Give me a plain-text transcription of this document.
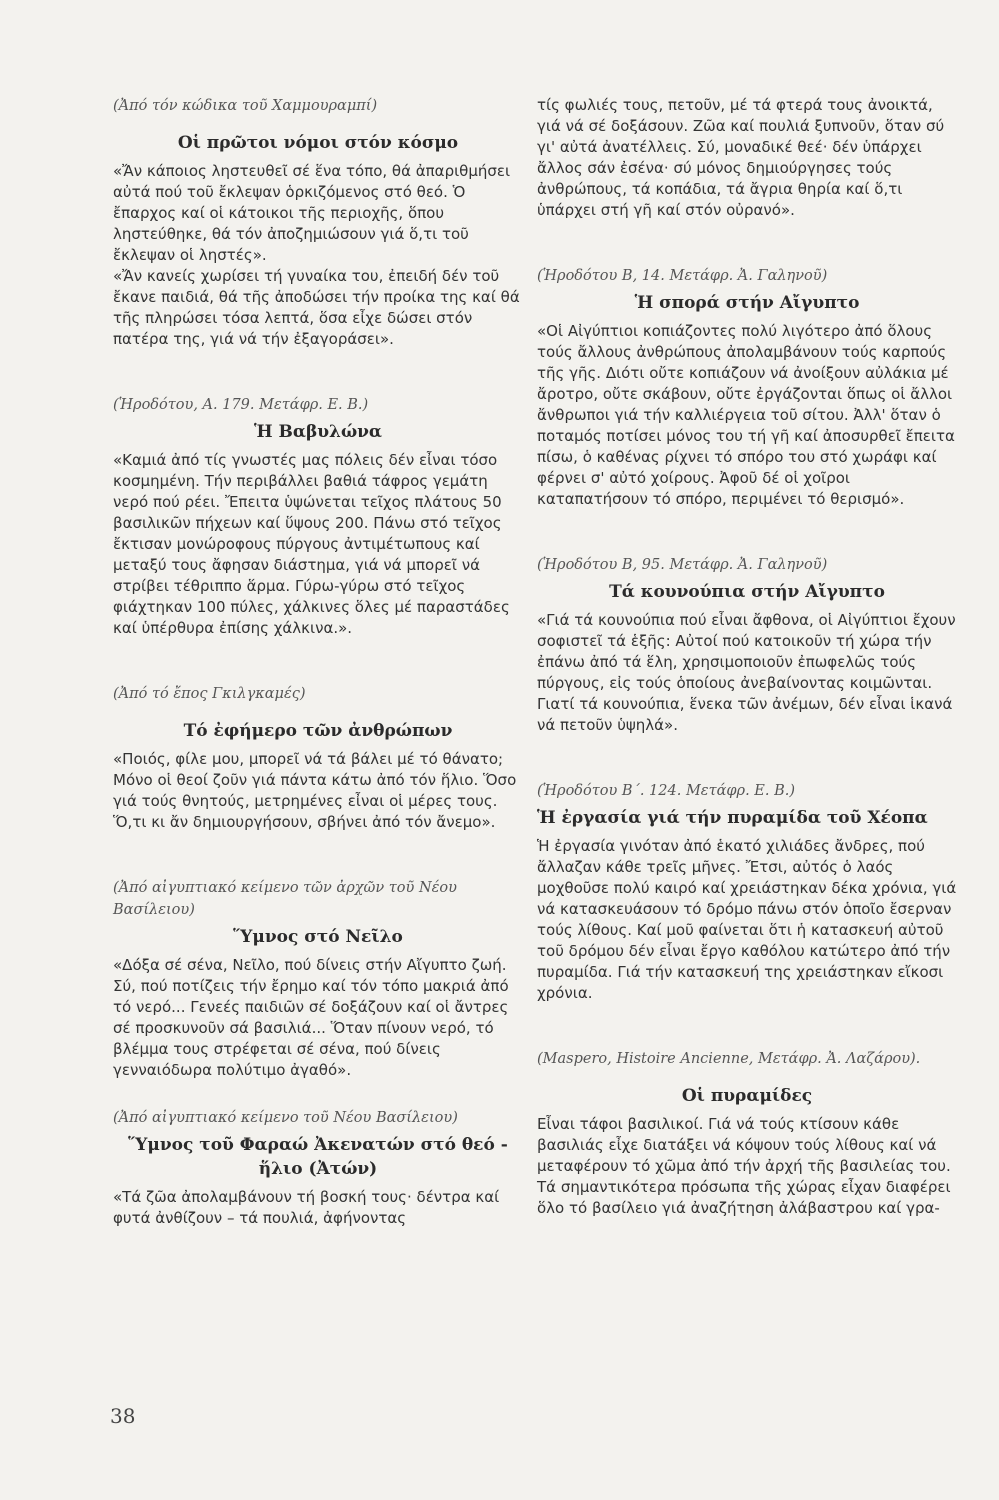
(Ἀπό τόν κώδικα τοῦ Χαμμουραμπί)

Οἱ πρῶτοι νόμοι στόν κόσμο

«Ἄν κάποιος ληστευθεῖ σέ ἕνα τόπο, θά ἀπαριθμήσει αὐτά πού τοῦ ἔκλεψαν ὁρκιζόμενος στό θεό. Ὁ ἔπαρχος καί οἱ κάτοικοι τῆς περιοχῆς, ὅπου ληστεύθηκε, θά τόν ἀποζημιώσουν γιά ὅ,τι τοῦ ἔκλεψαν οἱ ληστές».
«Ἄν κανείς χωρίσει τή γυναίκα του, ἐπειδή δέν τοῦ ἔκανε παιδιά, θά τῆς ἀποδώσει τήν προίκα της καί θά τῆς πληρώσει τόσα λεπτά, ὅσα εἶχε δώσει στόν πατέρα της, γιά νά τήν ἐξαγοράσει».

(Ἡροδότου, Α. 179. Μετάφρ. Ε. Β.)

Ἡ Βαβυλώνα

«Καμιά ἀπό τίς γνωστές μας πόλεις δέν εἶναι τόσο κοσμημένη. Τήν περιβάλλει βαθιά τάφρος γεμάτη νερό πού ρέει. Ἔπειτα ὑψώνεται τεῖχος πλάτους 50 βασιλικῶν πήχεων καί ὕψους 200. Πάνω στό τεῖχος ἔκτισαν μονώροφους πύργους ἀντιμέτωπους καί μεταξύ τους ἄφησαν διάστημα, γιά νά μπορεῖ νά στρίβει τέθριππο ἅρμα. Γύρω-γύρω στό τεῖχος φιάχτηκαν 100 πύλες, χάλκινες ὅλες μέ παραστάδες καί ὑπέρθυρα ἐπίσης χάλκινα.».

(Ἀπό τό ἔπος Γκιλγκαμές)

Τό ἐφήμερο τῶν ἀνθρώπων

«Ποιός, φίλε μου, μπορεῖ νά τά βάλει μέ τό θάνατο;
Μόνο οἱ θεοί ζοῦν γιά πάντα κάτω ἀπό τόν ἥλιο. Ὅσο γιά τούς θνητούς, μετρημένες εἶναι οἱ μέρες τους. Ὅ,τι κι ἄν δημιουργήσουν, σβήνει ἀπό τόν ἄνεμο».

(Ἀπό αἰγυπτιακό κείμενο τῶν ἀρχῶν τοῦ Νέου Βασίλειου)

Ὕμνος στό Νεῖλο

«Δόξα σέ σένα, Νεῖλο, πού δίνεις στήν Αἴγυπτο ζωή. Σύ, πού ποτίζεις τήν ἔρημο καί τόν τόπο μακριά ἀπό τό νερό... Γενεές παιδιῶν σέ δοξάζουν καί οἱ ἄντρες σέ προσκυνοῦν σά βασιλιά... Ὅταν πίνουν νερό, τό βλέμμα τους στρέφεται σέ σένα, πού δίνεις γενναιόδωρα πολύτιμο ἀγαθό».

(Ἀπό αἰγυπτιακό κείμενο τοῦ Νέου Βασίλειου)

Ὕμνος τοῦ Φαραώ Ἀκενατών στό θεό - ἥλιο (Ἀτών)

«Τά ζῶα ἀπολαμβάνουν τή βοσκή τους· δέντρα καί φυτά ἀνθίζουν – τά πουλιά, ἀφήνοντας

τίς φωλιές τους, πετοῦν, μέ τά φτερά τους ἀνοικτά, γιά νά σέ δοξάσουν. Ζῶα καί πουλιά ξυπνοῦν, ὅταν σύ γι' αὐτά ἀνατέλλεις. Σύ, μοναδικέ θεέ· δέν ὑπάρχει ἄλλος σάν ἐσένα· σύ μόνος δημιούργησες τούς ἀνθρώπους, τά κοπάδια, τά ἄγρια θηρία καί ὅ,τι ὑπάρχει στή γῆ καί στόν οὐρανό».

(Ἡροδότου Β, 14. Μετάφρ. Ἀ. Γαληνοῦ)

Ἡ σπορά στήν Αἴγυπτο

«Οἱ Αἰγύπτιοι κοπιάζοντες πολύ λιγότερο ἀπό ὅλους τούς ἄλλους ἀνθρώπους ἀπολαμβάνουν τούς καρπούς τῆς γῆς. Διότι οὔτε κοπιάζουν νά ἀνοίξουν αὐλάκια μέ ἄροτρο, οὔτε σκάβουν, οὔτε ἐργάζονται ὅπως οἱ ἄλλοι ἄνθρωποι γιά τήν καλλιέργεια τοῦ σίτου. Ἀλλ' ὅταν ὁ ποταμός ποτίσει μόνος του τή γῆ καί ἀποσυρθεῖ ἔπειτα πίσω, ὁ καθένας ρίχνει τό σπόρο του στό χωράφι καί φέρνει σ' αὐτό χοίρους. Ἀφοῦ δέ οἱ χοῖροι καταπατήσουν τό σπόρο, περιμένει τό θερισμό».

(Ἡροδότου Β, 95. Μετάφρ. Ἀ. Γαληνοῦ)

Τά κουνούπια στήν Αἴγυπτο

«Γιά τά κουνούπια πού εἶναι ἄφθονα, οἱ Αἰγύπτιοι ἔχουν σοφιστεῖ τά ἑξῆς: Αὐτοί πού κατοικοῦν τή χώρα τήν ἐπάνω ἀπό τά ἕλη, χρησιμοποιοῦν ἐπωφελῶς τούς πύργους, εἰς τούς ὁποίους ἀνεβαίνοντας κοιμῶνται. Γιατί τά κουνούπια, ἕνεκα τῶν ἀνέμων, δέν εἶναι ἱκανά νά πετοῦν ὑψηλά».

(Ἡροδότου Β΄. 124. Μετάφρ. Ε. Β.)

Ἡ ἐργασία γιά τήν πυραμίδα τοῦ Χέοπα

Ἡ ἐργασία γινόταν ἀπό ἑκατό χιλιάδες ἄνδρες, πού ἄλλαζαν κάθε τρεῖς μῆνες. Ἔτσι, αὐτός ὁ λαός μοχθοῦσε πολύ καιρό καί χρειάστηκαν δέκα χρόνια, γιά νά κατασκευάσουν τό δρόμο πάνω στόν ὁποῖο ἔσερναν τούς λίθους. Καί μοῦ φαίνεται ὅτι ἡ κατασκευή αὐτοῦ τοῦ δρόμου δέν εἶναι ἔργο καθόλου κατώτερο ἀπό τήν πυραμίδα. Γιά τήν κατασκευή της χρειάστηκαν εἴκοσι χρόνια.

(Maspero, Histoire Ancienne, Μετάφρ. Ἀ. Λαζάρου).

Οἱ πυραμίδες

Εἶναι τάφοι βασιλικοί. Γιά νά τούς κτίσουν κάθε βασιλιάς εἶχε διατάξει νά κόψουν τούς λίθους καί νά μεταφέρουν τό χῶμα ἀπό τήν ἀρχή τῆς βασιλείας του. Τά σημαντικότερα πρόσωπα τῆς χώρας εἶχαν διαφέρει ὅλο τό βασίλειο γιά ἀναζήτηση ἀλάβαστρου καί γρα-

38
